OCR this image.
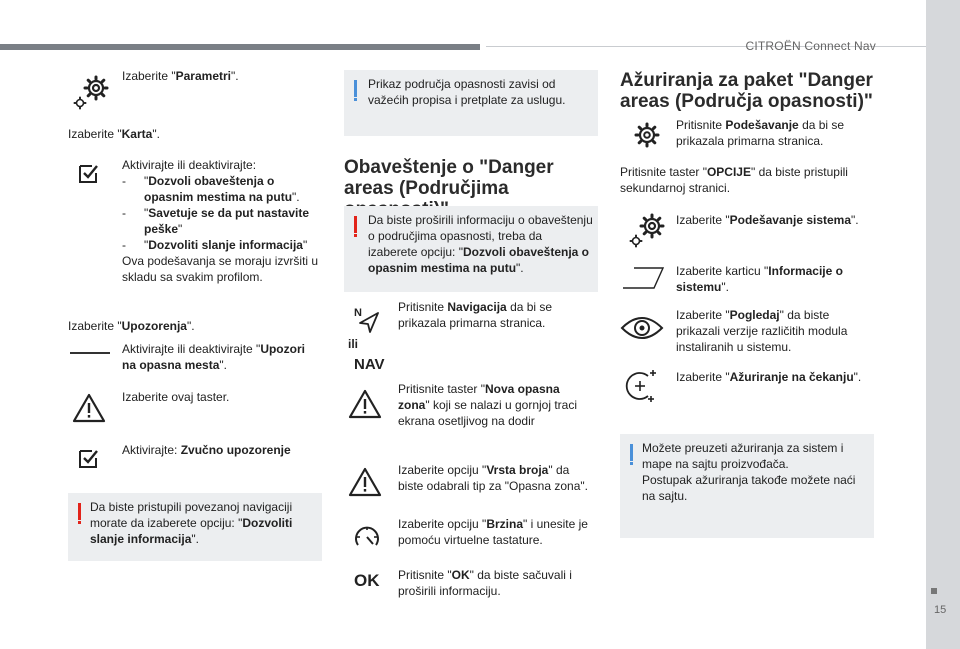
CITROËN Connect Nav
15
Izaberite "Parametri".
Izaberite "Karta".
Aktivirajte ili deaktivirajte:
-	"Dozvoli obaveštenja o opasnim mestima na putu".
-	"Savetuje se da put nastavite peške"
-	"Dozvoliti slanje informacija"
Ova podešavanja se moraju izvršiti u skladu sa svakim profilom.
Izaberite "Upozorenja".
Aktivirajte ili deaktivirajte "Upozori na opasna mesta".
Izaberite ovaj taster.
Aktivirajte: Zvučno upozorenje
Da biste pristupili povezanoj navigaciji morate da izaberete opciju: "Dozvoliti slanje informacija".
Prikaz područja opasnosti zavisi od važećih propisa i pretplate za uslugu.
Obaveštenje o "Danger areas (Područjima
Da biste proširili informaciju o obaveštenju o područjima opasnosti, treba da izaberete opciju: "Dozvoli obaveštenja o opasnim mestima na putu".
N
ili
NAV
Pritisnite Navigacija da bi se prikazala primarna stranica.
Pritisnite taster "Nova opasna zona" koji se nalazi u gornjoj traci ekrana osetljivog na dodir
Izaberite opciju "Vrsta broja" da biste odabrali tip za "Opasna zona".
Izaberite opciju "Brzina" i unesite je pomoću virtuelne tastature.
OK Pritisnite "OK" da biste sačuvali i proširili informaciju.
Ažuriranja za paket "Danger areas (Područja opasnosti)"
Pritisnite Podešavanje da bi se prikazala primarna stranica.
Pritisnite taster "OPCIJE" da biste pristupili sekundarnoj stranici.
Izaberite "Podešavanje sistema".
Izaberite karticu "Informacije o sistemu".
Izaberite "Pogledaj" da biste prikazali verzije različitih modula instaliranih u sistemu.
Izaberite "Ažuriranje na čekanju".
Možete preuzeti ažuriranja za sistem i mape na sajtu proizvođača.
Postupak ažuriranja takođe možete naći na sajtu.
